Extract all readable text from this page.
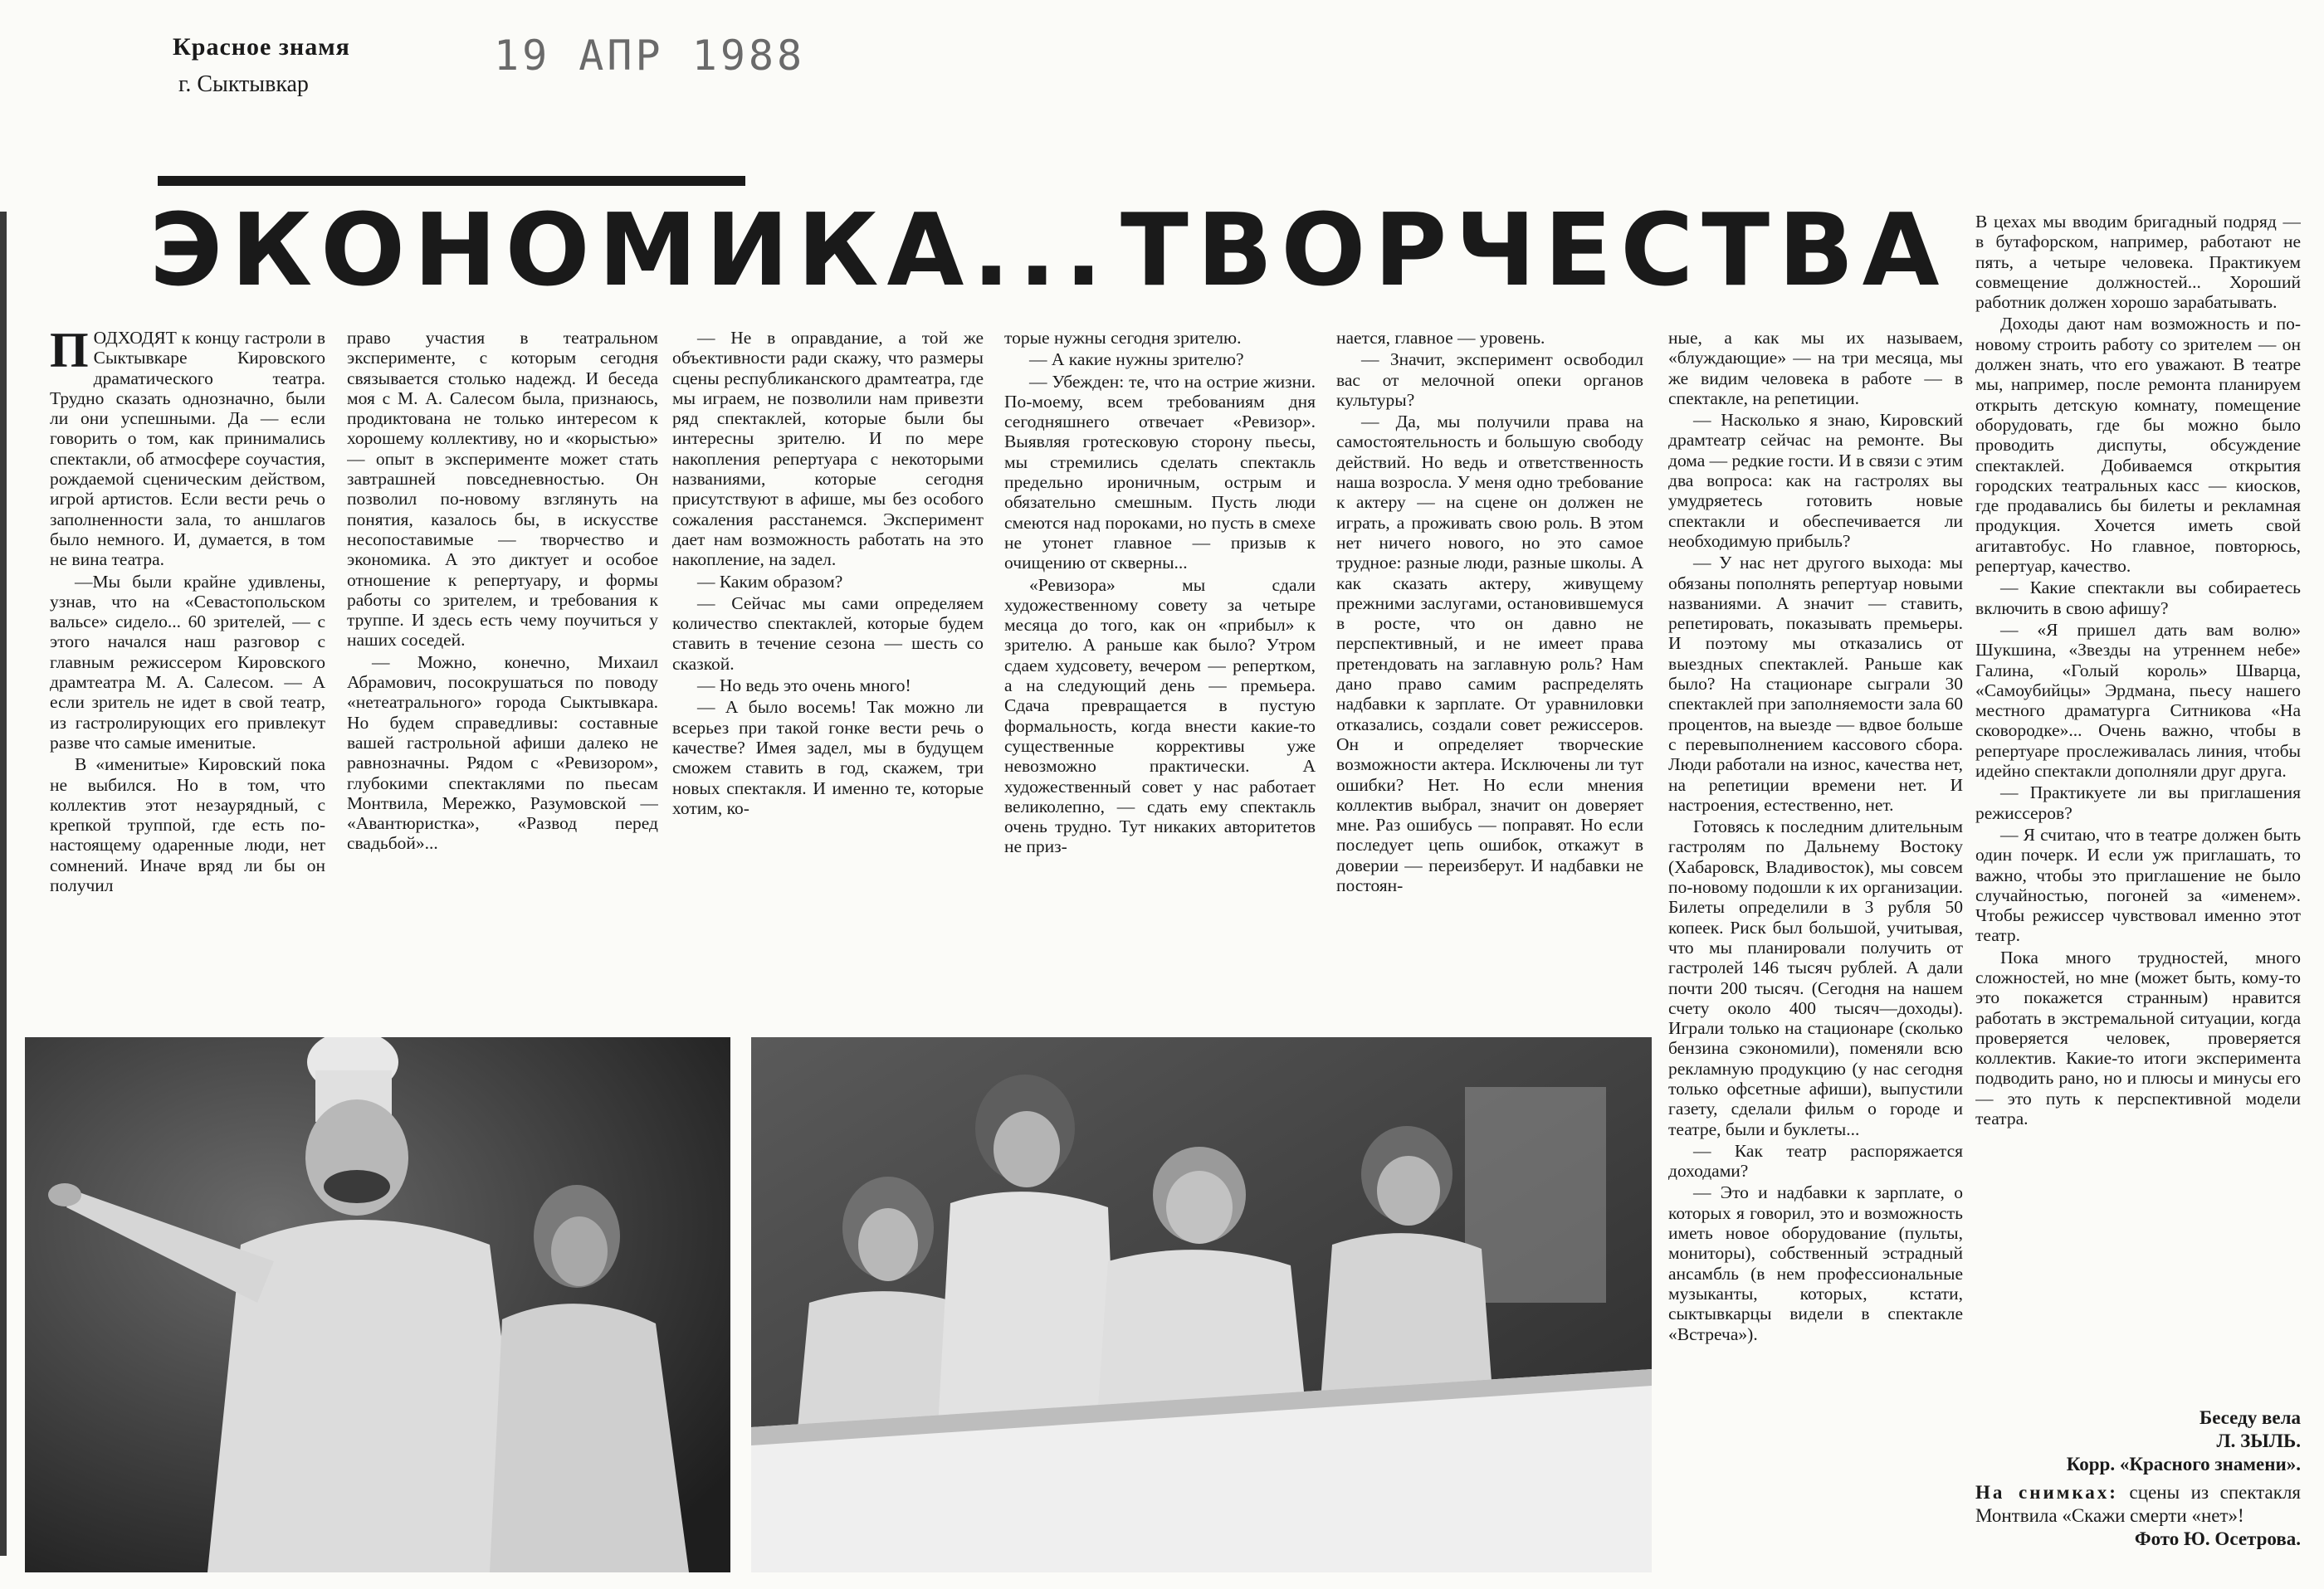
Красное знамя
г. Сыктывкар
19 АПР 1988
ЭКОНОМИКА... ТВОРЧЕСТВА

ПОДХОДЯТ к концу гастроли в Сыктывкаре Кировского драматического театра. Трудно сказать однозначно, были ли они успешными. Да — если говорить о том, как принимались спектакли, об атмосфере соучастия, рождаемой сценическим действом, игрой артистов. Если вести речь о заполненности зала, то аншлагов было немного. И, думается, в том не вина театра.

—Мы были крайне удивлены, узнав, что на «Севастопольском вальсе» сидело... 60 зрителей, — с этого начался наш разговор с главным режиссером Кировского драмтеатра М. А. Салесом. — А если зритель не идет в свой театр, из гастролирующих его привлекут разве что самые именитые.

В «именитые» Кировский пока не выбился. Но в том, что коллектив этот незаурядный, с крепкой труппой, где есть по-настоящему одаренные люди, нет сомнений. Иначе вряд ли бы он получил

право участия в театральном эксперименте, с которым сегодня связывается столько надежд. И беседа моя с М. А. Салесом была, признаюсь, продиктована не только интересом к хорошему коллективу, но и «корыстью» — опыт в эксперименте может стать завтрашней повседневностью. Он позволил по-новому взглянуть на понятия, казалось бы, в искусстве несопоставимые — творчество и экономика. А это диктует и особое отношение к репертуару, и формы работы со зрителем, и требования к труппе. И здесь есть чему поучиться у наших соседей.

— Можно, конечно, Михаил Абрамович, посокрушаться по поводу «нетеатрального» города Сыктывкара. Но будем справедливы: составные вашей гастрольной афиши далеко не равнозначны. Рядом с «Ревизором», глубокими спектаклями по пьесам Монтвила, Мережко, Разумовской — «Авантюристка», «Развод перед свадьбой»...

— Не в оправдание, а той же объективности ради скажу, что размеры сцены республиканского драмтеатра, где мы играем, не позволили нам привезти ряд спектаклей, которые были бы интересны зрителю. И по мере накопления репертуара с некоторыми названиями, которые сегодня присутствуют в афише, мы без особого сожаления расстанемся. Эксперимент дает нам возможность работать на это накопление, на задел.

— Каким образом?

— Сейчас мы сами определяем количество спектаклей, которые будем ставить в течение сезона — шесть со сказкой.

— Но ведь это очень много!

— А было восемь! Так можно ли всерьез при такой гонке вести речь о качестве? Имея задел, мы в будущем сможем ставить в год, скажем, три новых спектакля. И именно те, которые хотим, ко-

торые нужны сегодня зрителю.

— А какие нужны зрителю?

— Убежден: те, что на острие жизни. По-моему, всем требованиям дня сегодняшнего отвечает «Ревизор». Выявляя гротесковую сторону пьесы, мы стремились сделать спектакль предельно ироничным, острым и обязательно смешным. Пусть люди смеются над пороками, но пусть в смехе не утонет главное — призыв к очищению от скверны...

«Ревизора» мы сдали художественному совету за четыре месяца до того, как он «прибыл» к зрителю. А раньше как было? Утром сдаем худсовету, вечером — репертком, а на следующий день — премьера. Сдача превращается в пустую формальность, когда внести какие-то существенные коррективы уже невозможно практически. А художественный совет у нас работает великолепно, — сдать ему спектакль очень трудно. Тут никаких авторитетов не приз-

нается, главное — уровень.

— Значит, эксперимент освободил вас от мелочной опеки органов культуры?

— Да, мы получили права на самостоятельность и большую свободу действий. Но ведь и ответственность наша возросла. У меня одно требование к актеру — на сцене он должен не играть, а проживать свою роль. В этом нет ничего нового, но это самое трудное: разные люди, разные школы. А как сказать актеру, живущему прежними заслугами, остановившемуся в росте, что он давно не перспективный, и не имеет права претендовать на заглавную роль? Нам дано право самим распределять надбавки к зарплате. От уравниловки отказались, создали совет режиссеров. Он и определяет творческие возможности актера. Исключены ли тут ошибки? Нет. Но если мнения коллектив выбрал, значит он доверяет мне. Раз ошибусь — поправят. Но если последует цепь ошибок, откажут в доверии — переизберут. И надбавки не постоян-

ные, а как мы их называем, «блуждающие» — на три месяца, мы же видим человека в работе — в спектакле, на репетиции.

— Насколько я знаю, Кировский драмтеатр сейчас на ремонте. Вы дома — редкие гости. И в связи с этим два вопроса: как на гастролях вы умудряетесь готовить новые спектакли и обеспечивается ли необходимую прибыль?

— У нас нет другого выхода: мы обязаны пополнять репертуар новыми названиями. А значит — ставить, репетировать, показывать премьеры. И поэтому мы отказались от выездных спектаклей. Раньше как было? На стационаре сыграли 30 спектаклей при заполняемости зала 60 процентов, на выезде — вдвое больше с перевыполнением кассового сбора. Люди работали на износ, качества нет, на репетиции времени нет. И настроения, естественно, нет.

Готовясь к последним длительным гастролям по Дальнему Востоку (Хабаровск, Владивосток), мы совсем по-новому подошли к их организации. Билеты определили в 3 рубля 50 копеек. Риск был большой, учитывая, что мы планировали получить от гастролей 146 тысяч рублей. А дали почти 200 тысяч. (Сегодня на нашем счету около 400 тысяч—доходы). Играли только на стационаре (сколько бензина сэкономили), поменяли всю рекламную продукцию (у нас сегодня только офсетные афиши), выпустили газету, сделали фильм о городе и театре, были и буклеты...

— Как театр распоряжается доходами?

— Это и надбавки к зарплате, о которых я говорил, это и возможность иметь новое оборудование (пульты, мониторы), собственный эстрадный ансамбль (в нем профессиональные музыканты, которых, кстати, сыктывкарцы видели в спектакле «Встреча»).

В цехах мы вводим бригадный подряд — в бутафорском, например, работают не пять, а четыре человека. Практикуем совмещение должностей... Хороший работник должен хорошо зарабатывать.

Доходы дают нам возможность и по-новому строить работу со зрителем — он должен знать, что его уважают. В театре мы, например, после ремонта планируем открыть детскую комнату, помещение оборудовать, где бы можно было проводить диспуты, обсуждение спектаклей. Добиваемся открытия городских театральных касс — киосков, где продавались бы билеты и рекламная продукция. Хочется иметь свой агитавтобус. Но главное, повторюсь, репертуар, качество.

— Какие спектакли вы собираетесь включить в свою афишу?

— «Я пришел дать вам волю» Шукшина, «Звезды на утреннем небе» Галина, «Голый король» Шварца, «Самоубийцы» Эрдмана, пьесу нашего местного драматурга Ситникова «На сковородке»... Очень важно, чтобы в репертуаре прослеживалась линия, чтобы идейно спектакли дополняли друг друга.

— Практикуете ли вы приглашения режиссеров?

— Я считаю, что в театре должен быть один почерк. И если уж приглашать, то важно, чтобы это приглашение не было случайностью, погоней за «именем». Чтобы режиссер чувствовал именно этот театр.

Пока много трудностей, много сложностей, но мне (может быть, кому-то это покажется странным) нравится работать в экстремальной ситуации, когда проверяется человек, проверяется коллектив. Какие-то итоги эксперимента подводить рано, но и плюсы и минусы его — это путь к перспективной модели театра.

Беседу вела
Л. ЗЫЛЬ.
Корр. «Красного знамени».
На снимках: сцены из спектакля Монтвила «Скажи смерти «нет»!
Фото Ю. Осетрова.
